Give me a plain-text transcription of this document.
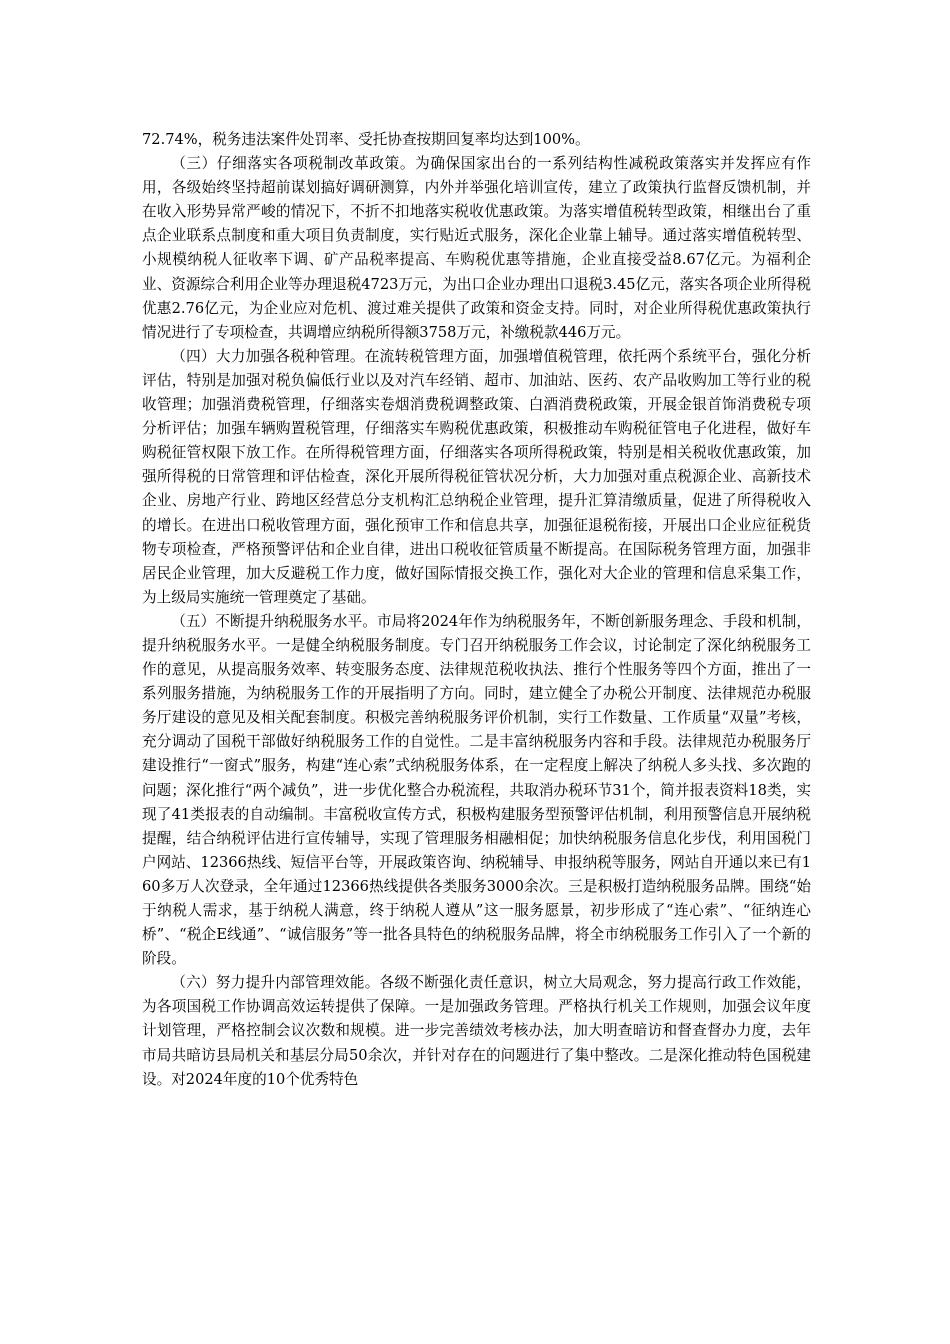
72.74%，税务违法案件处罚率、受托协查按期回复率均达到100%。

（三）仔细落实各项税制改革政策。为确保国家出台的一系列结构性减税政策落实并发挥应有作用，各级始终坚持超前谋划搞好调研测算，内外并举强化培训宣传，建立了政策执行监督反馈机制，并在收入形势异常严峻的情况下，不折不扣地落实税收优惠政策。为落实增值税转型政策，相继出台了重点企业联系点制度和重大项目负责制度，实行贴近式服务，深化企业靠上辅导。通过落实增值税转型、小规模纳税人征收率下调、矿产品税率提高、车购税优惠等措施，企业直接受益8.67亿元。为福利企业、资源综合利用企业等办理退税4723万元，为出口企业办理出口退税3.45亿元，落实各项企业所得税优惠2.76亿元，为企业应对危机、渡过难关提供了政策和资金支持。同时，对企业所得税优惠政策执行情况进行了专项检查，共调增应纳税所得额3758万元，补缴税款446万元。

（四）大力加强各税种管理。在流转税管理方面，加强增值税管理，依托两个系统平台，强化分析评估，特别是加强对税负偏低行业以及对汽车经销、超市、加油站、医药、农产品收购加工等行业的税收管理；加强消费税管理，仔细落实卷烟消费税调整政策、白酒消费税政策，开展金银首饰消费税专项分析评估；加强车辆购置税管理，仔细落实车购税优惠政策，积极推动车购税征管电子化进程，做好车购税征管权限下放工作。在所得税管理方面，仔细落实各项所得税政策，特别是相关税收优惠政策，加强所得税的日常管理和评估检查，深化开展所得税征管状况分析，大力加强对重点税源企业、高新技术企业、房地产行业、跨地区经营总分支机构汇总纳税企业管理，提升汇算清缴质量，促进了所得税收入的增长。在进出口税收管理方面，强化预审工作和信息共享，加强征退税衔接，开展出口企业应征税货物专项检查，严格预警评估和企业自律，进出口税收征管质量不断提高。在国际税务管理方面，加强非居民企业管理，加大反避税工作力度，做好国际情报交换工作，强化对大企业的管理和信息采集工作，为上级局实施统一管理奠定了基础。

（五）不断提升纳税服务水平。市局将2024年作为纳税服务年，不断创新服务理念、手段和机制，提升纳税服务水平。一是健全纳税服务制度。专门召开纳税服务工作会议，讨论制定了深化纳税服务工作的意见，从提高服务效率、转变服务态度、法律规范税收执法、推行个性服务等四个方面，推出了一系列服务措施，为纳税服务工作的开展指明了方向。同时，建立健全了办税公开制度、法律规范办税服务厅建设的意见及相关配套制度。积极完善纳税服务评价机制，实行工作数量、工作质量“双量”考核，充分调动了国税干部做好纳税服务工作的自觉性。二是丰富纳税服务内容和手段。法律规范办税服务厅建设推行“一窗式”服务，构建“连心索”式纳税服务体系，在一定程度上解决了纳税人多头找、多次跑的问题；深化推行“两个减负”，进一步优化整合办税流程，共取消办税环节31个，简并报表资料18类，实现了41类报表的自动编制。丰富税收宣传方式，积极构建服务型预警评估机制，利用预警信息开展纳税提醒，结合纳税评估进行宣传辅导，实现了管理服务相融相促；加快纳税服务信息化步伐，利用国税门户网站、12366热线、短信平台等，开展政策咨询、纳税辅导、申报纳税等服务，网站自开通以来已有160多万人次登录，全年通过12366热线提供各类服务3000余次。三是积极打造纳税服务品牌。围绕“始于纳税人需求，基于纳税人满意，终于纳税人遵从”这一服务愿景，初步形成了“连心索”、“征纳连心桥”、“税企E线通”、“诚信服务”等一批各具特色的纳税服务品牌，将全市纳税服务工作引入了一个新的阶段。

（六）努力提升内部管理效能。各级不断强化责任意识，树立大局观念，努力提高行政工作效能，为各项国税工作协调高效运转提供了保障。一是加强政务管理。严格执行机关工作规则，加强会议年度计划管理，严格控制会议次数和规模。进一步完善绩效考核办法，加大明查暗访和督查督办力度，去年市局共暗访县局机关和基层分局50余次，并针对存在的问题进行了集中整改。二是深化推动特色国税建设。对2024年度的10个优秀特色
